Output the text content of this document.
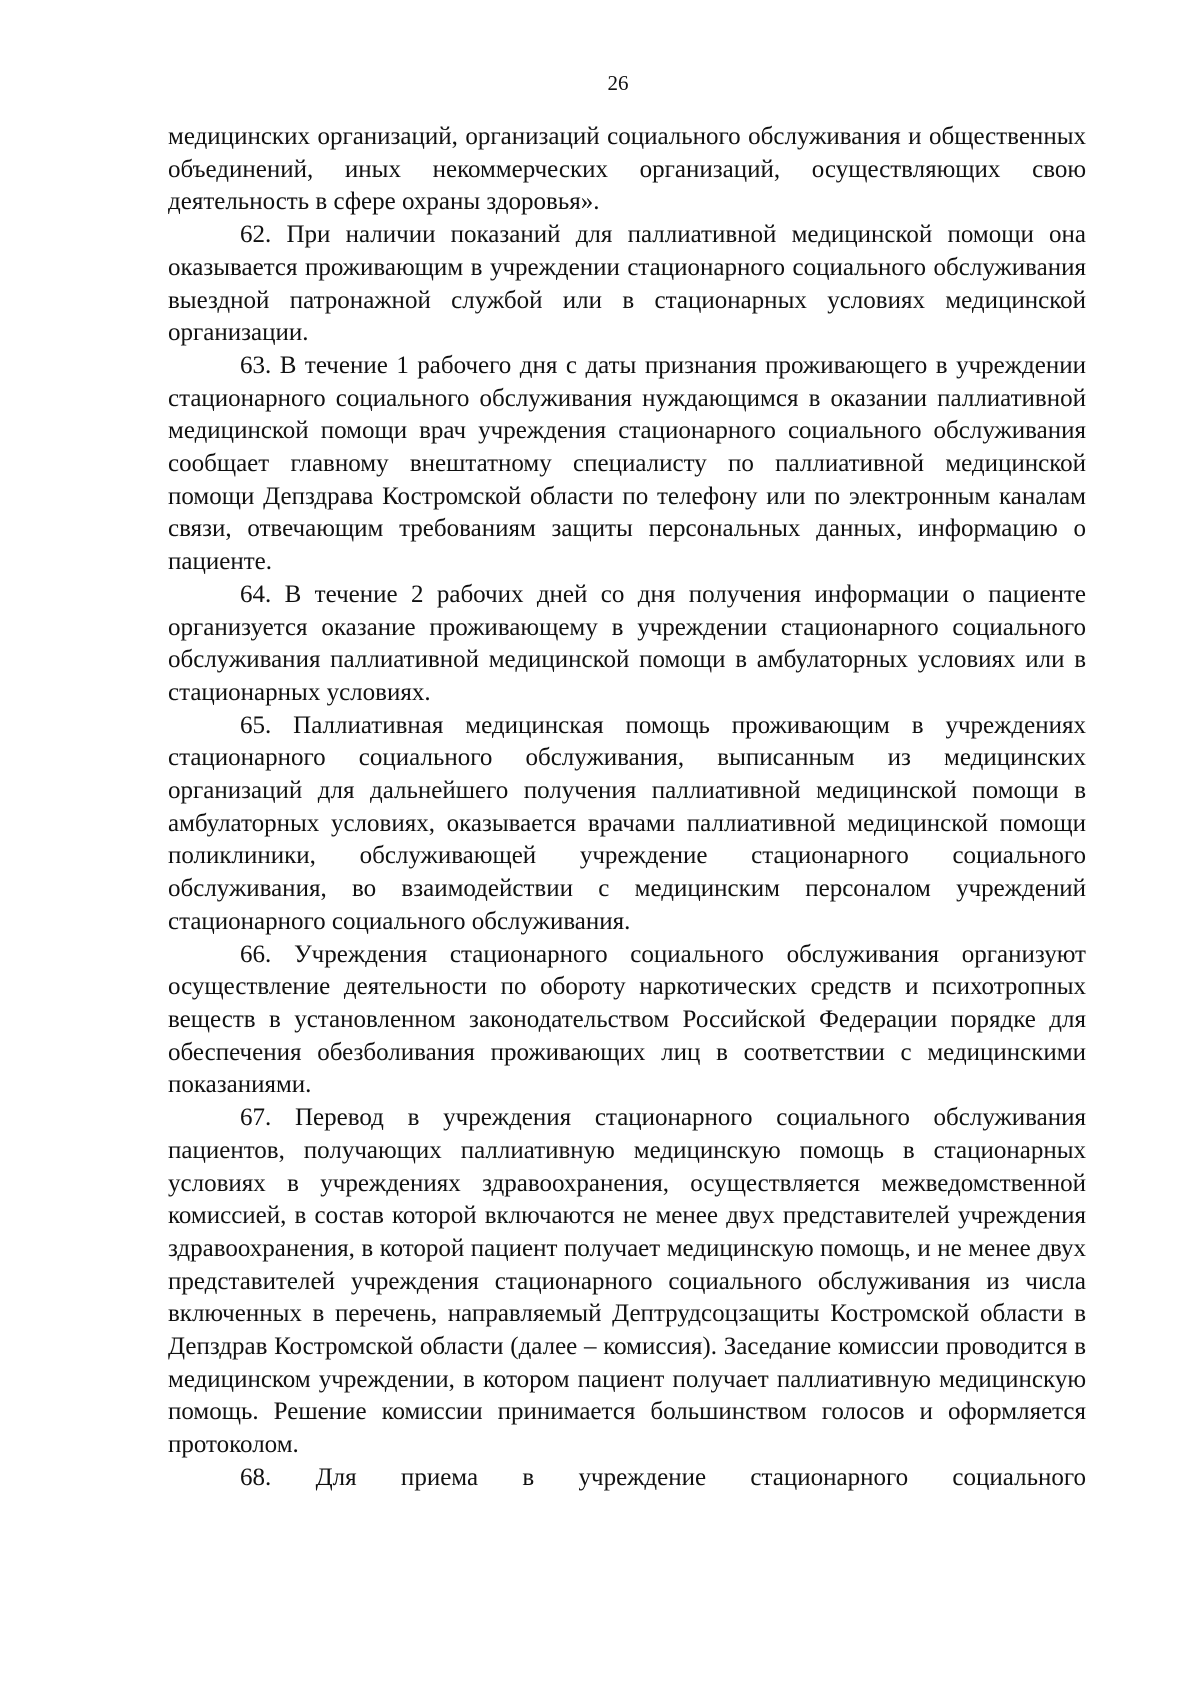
26

медицинских организаций, организаций социального обслуживания и общественных объединений, иных некоммерческих организаций, осуществляющих свою деятельность в сфере охраны здоровья».

62. При наличии показаний для паллиативной медицинской помощи она оказывается проживающим в учреждении стационарного социального обслуживания выездной патронажной службой или в стационарных условиях медицинской организации.

63. В течение 1 рабочего дня с даты признания проживающего в учреждении стационарного социального обслуживания нуждающимся в оказании паллиативной медицинской помощи врач учреждения стационарного социального обслуживания сообщает главному внештатному специалисту по паллиативной медицинской помощи Депздрава Костромской области по телефону или по электронным каналам связи, отвечающим требованиям защиты персональных данных, информацию о пациенте.

64. В течение 2 рабочих дней со дня получения информации о пациенте организуется оказание проживающему в учреждении стационарного социального обслуживания паллиативной медицинской помощи в амбулаторных условиях или в стационарных условиях.

65. Паллиативная медицинская помощь проживающим в учреждениях стационарного социального обслуживания, выписанным из медицинских организаций для дальнейшего получения паллиативной медицинской помощи в амбулаторных условиях, оказывается врачами паллиативной медицинской помощи поликлиники, обслуживающей учреждение стационарного социального обслуживания, во взаимодействии с медицинским персоналом учреждений стационарного социального обслуживания.

66. Учреждения стационарного социального обслуживания организуют осуществление деятельности по обороту наркотических средств и психотропных веществ в установленном законодательством Российской Федерации порядке для обеспечения обезболивания проживающих лиц в соответствии с медицинскими показаниями.

67. Перевод в учреждения стационарного социального обслуживания пациентов, получающих паллиативную медицинскую помощь в стационарных условиях в учреждениях здравоохранения, осуществляется межведомственной комиссией, в состав которой включаются не менее двух представителей учреждения здравоохранения, в которой пациент получает медицинскую помощь, и не менее двух представителей учреждения стационарного социального обслуживания из числа включенных в перечень, направляемый Дептрудсоцзащиты Костромской области в Депздрав Костромской области (далее – комиссия). Заседание комиссии проводится в медицинском учреждении, в котором пациент получает паллиативную медицинскую помощь. Решение комиссии принимается большинством голосов и оформляется протоколом.

68. Для приема в учреждение стационарного социального
